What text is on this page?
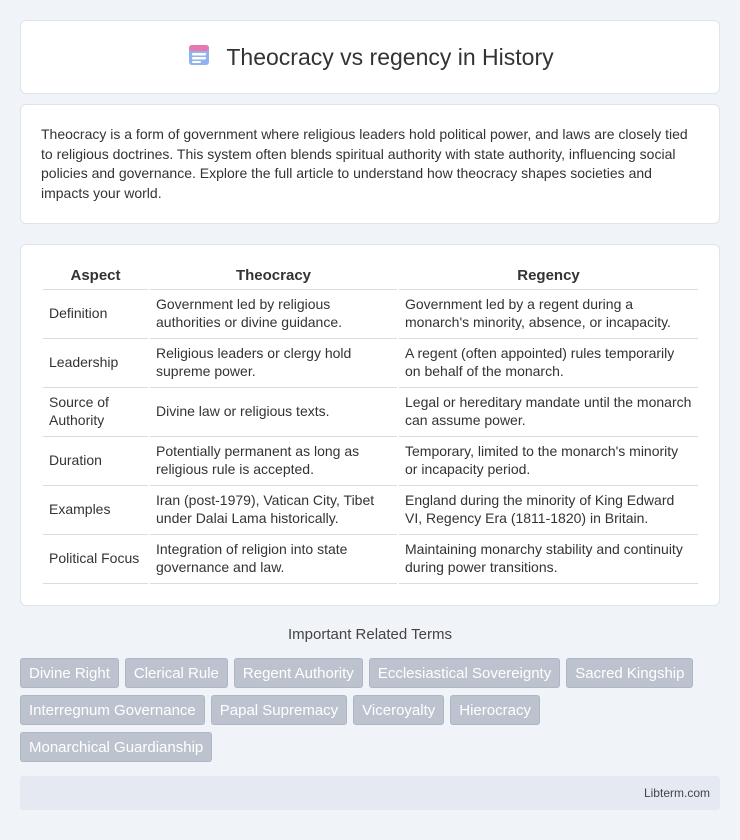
Theocracy vs regency in History

Theocracy is a form of government where religious leaders hold political power, and laws are closely tied to religious doctrines. This system often blends spiritual authority with state authority, influencing social policies and governance. Explore the full article to understand how theocracy shapes societies and impacts your world.

Aspect	Theocracy	Regency
Definition	Government led by religious authorities or divine guidance.	Government led by a regent during a monarch's minority, absence, or incapacity.
Leadership	Religious leaders or clergy hold supreme power.	A regent (often appointed) rules temporarily on behalf of the monarch.
Source of Authority	Divine law or religious texts.	Legal or hereditary mandate until the monarch can assume power.
Duration	Potentially permanent as long as religious rule is accepted.	Temporary, limited to the monarch's minority or incapacity period.
Examples	Iran (post-1979), Vatican City, Tibet under Dalai Lama historically.	England during the minority of King Edward VI, Regency Era (1811-1820) in Britain.
Political Focus	Integration of religion into state governance and law.	Maintaining monarchy stability and continuity during power transitions.
Important Related Terms
Divine Right	Clerical Rule	Regent Authority	Ecclesiastical Sovereignty	Sacred Kingship
Interregnum Governance	Papal Supremacy	Viceroyalty	Hierocracy
Monarchical Guardianship
Libterm.com
